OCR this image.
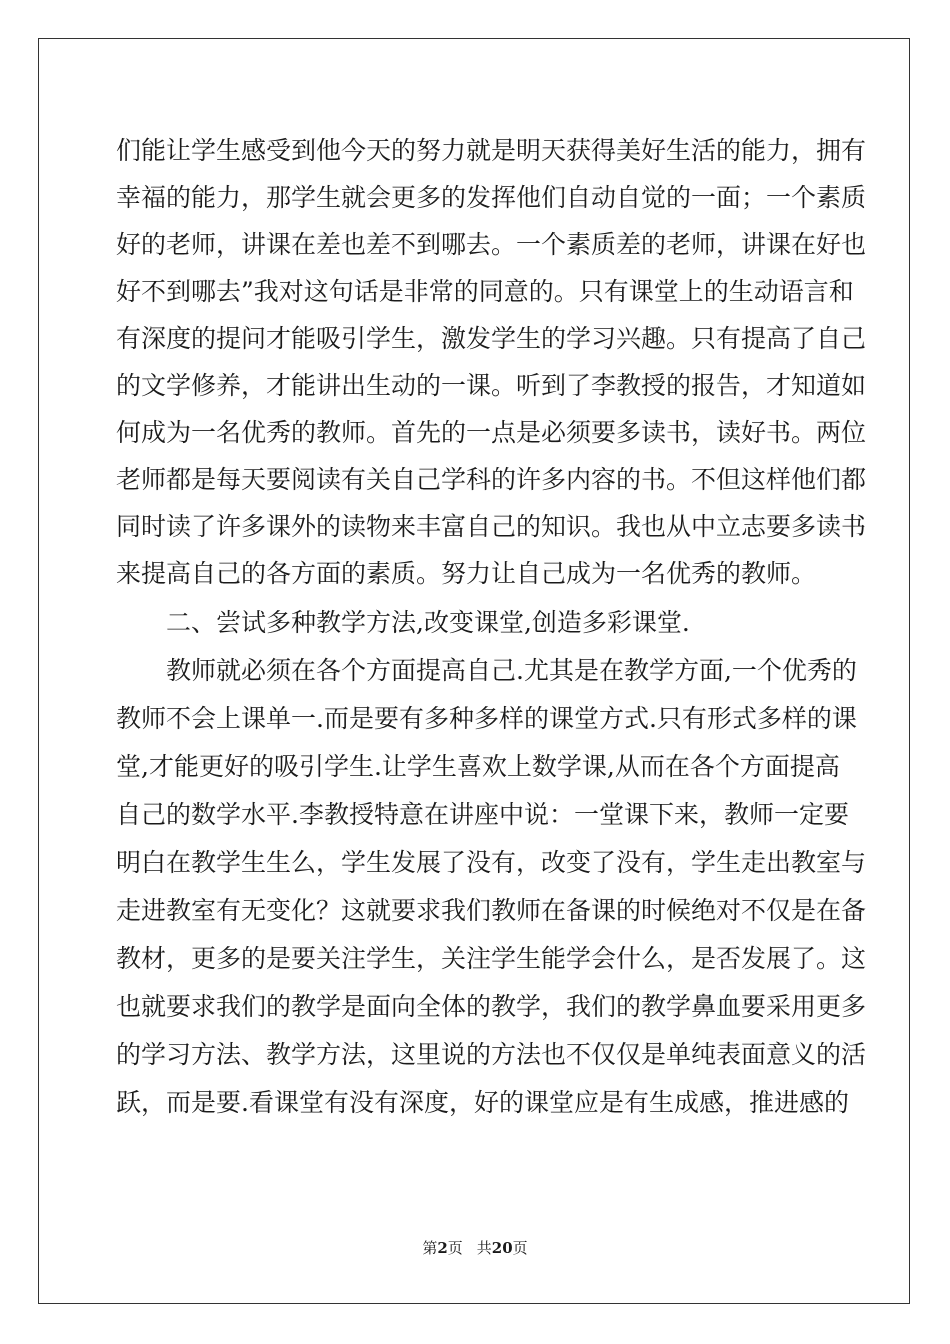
们能让学生感受到他今天的努力就是明天获得美好生活的能力，拥有
幸福的能力，那学生就会更多的发挥他们自动自觉的一面；一个素质
好的老师，讲课在差也差不到哪去。一个素质差的老师，讲课在好也
好不到哪去”我对这句话是非常的同意的。只有课堂上的生动语言和
有深度的提问才能吸引学生，激发学生的学习兴趣。只有提高了自己
的文学修养，才能讲出生动的一课。听到了李教授的报告，才知道如
何成为一名优秀的教师。首先的一点是必须要多读书，读好书。两位
老师都是每天要阅读有关自己学科的许多内容的书。不但这样他们都
同时读了许多课外的读物来丰富自己的知识。我也从中立志要多读书
来提高自己的各方面的素质。努力让自己成为一名优秀的教师。
二、尝试多种教学方法,改变课堂,创造多彩课堂.
教师就必须在各个方面提高自己.尤其是在教学方面,一个优秀的
教师不会上课单一.而是要有多种多样的课堂方式.只有形式多样的课
堂,才能更好的吸引学生.让学生喜欢上数学课,从而在各个方面提高
自己的数学水平.李教授特意在讲座中说：一堂课下来，教师一定要
明白在教学生生么，学生发展了没有，改变了没有，学生走出教室与
走进教室有无变化？这就要求我们教师在备课的时候绝对不仅是在备
教材，更多的是要关注学生，关注学生能学会什么，是否发展了。这
也就要求我们的教学是面向全体的教学，我们的教学鼻血要采用更多
的学习方法、教学方法，这里说的方法也不仅仅是单纯表面意义的活
跃，而是要.看课堂有没有深度，好的课堂应是有生成感，推进感的
第2页 共20页
